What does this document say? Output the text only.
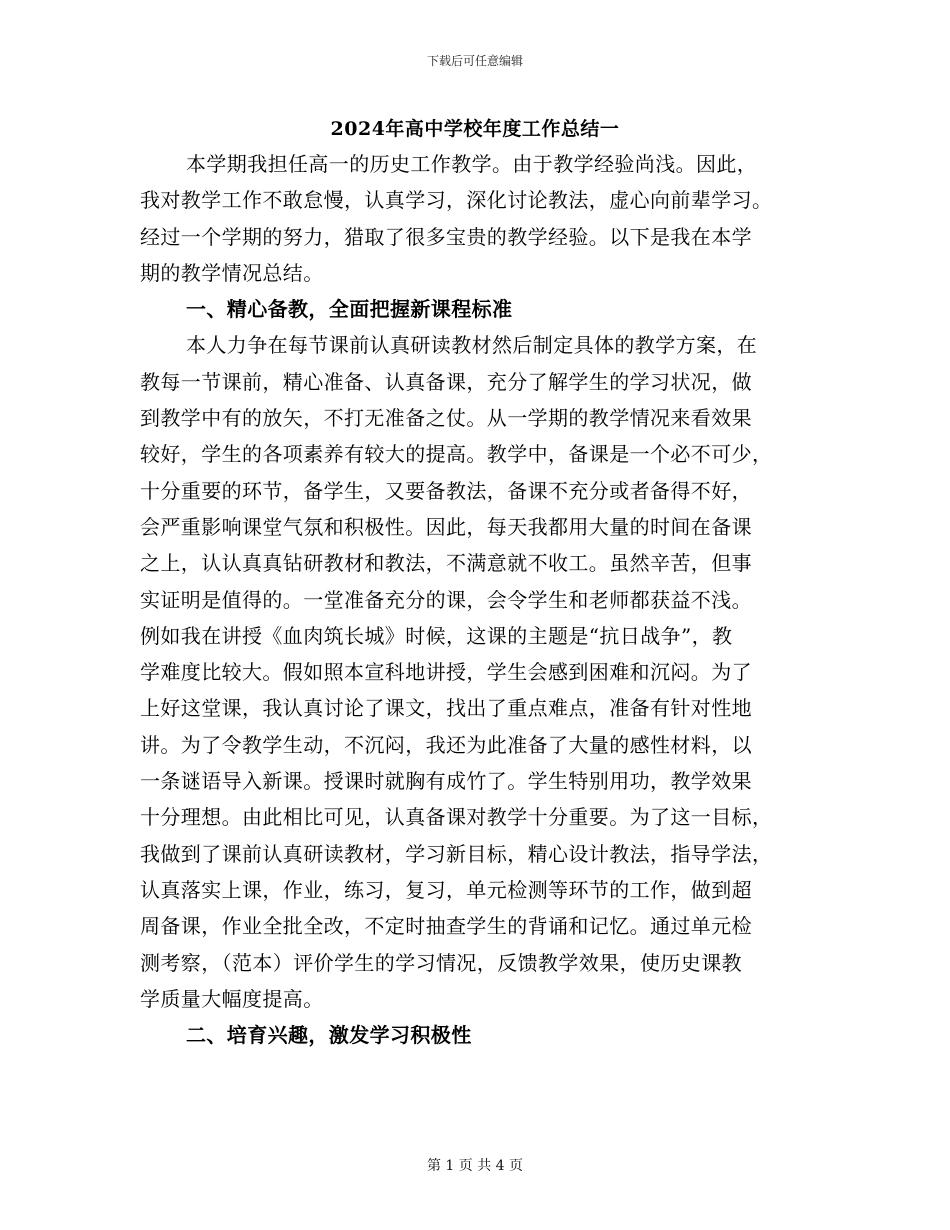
下载后可任意编辑
2024年高中学校年度工作总结一
本学期我担任高一的历史工作教学。由于教学经验尚浅。因此，
我对教学工作不敢怠慢，认真学习，深化讨论教法，虚心向前辈学习。
经过一个学期的努力，猎取了很多宝贵的教学经验。以下是我在本学
期的教学情况总结。
一、精心备教，全面把握新课程标准
本人力争在每节课前认真研读教材然后制定具体的教学方案，在
教每一节课前，精心准备、认真备课，充分了解学生的学习状况，做
到教学中有的放矢，不打无准备之仗。从一学期的教学情况来看效果
较好，学生的各项素养有较大的提高。教学中，备课是一个必不可少，
十分重要的环节，备学生，又要备教法，备课不充分或者备得不好，
会严重影响课堂气氛和积极性。因此，每天我都用大量的时间在备课
之上，认认真真钻研教材和教法，不满意就不收工。虽然辛苦，但事
实证明是值得的。一堂准备充分的课，会令学生和老师都获益不浅。
例如我在讲授《血肉筑长城》时候，这课的主题是“抗日战争”，教
学难度比较大。假如照本宣科地讲授，学生会感到困难和沉闷。为了
上好这堂课，我认真讨论了课文，找出了重点难点，准备有针对性地
讲。为了令教学生动，不沉闷，我还为此准备了大量的感性材料，以
一条谜语导入新课。授课时就胸有成竹了。学生特别用功，教学效果
十分理想。由此相比可见，认真备课对教学十分重要。为了这一目标，
我做到了课前认真研读教材，学习新目标，精心设计教法，指导学法，
认真落实上课，作业，练习，复习，单元检测等环节的工作，做到超
周备课，作业全批全改，不定时抽查学生的背诵和记忆。通过单元检
测考察，（范本）评价学生的学习情况，反馈教学效果，使历史课教
学质量大幅度提高。
二、培育兴趣，激发学习积极性
第 1 页 共 4 页
